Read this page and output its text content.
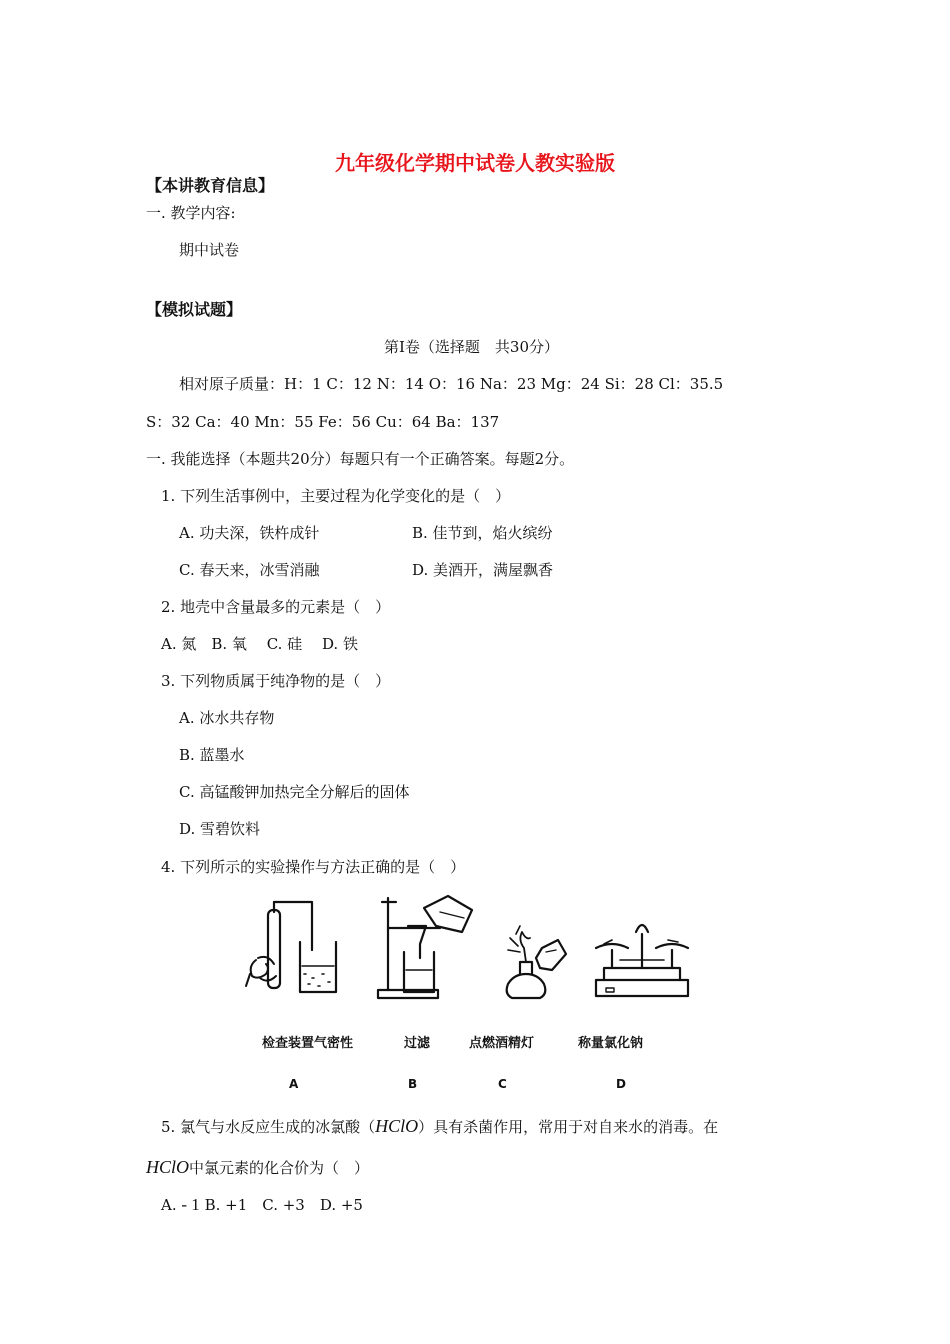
九年级化学期中试卷人教实验版
【本讲教育信息】
一. 教学内容:
期中试卷
【模拟试题】
第Ⅰ卷（选择题　共30分）
相对原子质量：H：1 C：12 N：14 O：16 Na：23 Mg：24 Si：28 Cl：35.5
S：32 Ca：40 Mn：55 Fe：56 Cu：64 Ba：137
一. 我能选择（本题共20分）每题只有一个正确答案。每题2分。
1. 下列生活事例中，主要过程为化学变化的是（　）
A. 功夫深，铁杵成针	B. 佳节到，焰火缤纷
C. 春天来，冰雪消融	D. 美酒开，满屋飘香
2. 地壳中含量最多的元素是（　）
A. 氮　B. 氧　 C. 硅　 D. 铁
3. 下列物质属于纯净物的是（　）
A. 冰水共存物
B. 蓝墨水
C. 高锰酸钾加热完全分解后的固体
D. 雪碧饮料
4. 下列所示的实验操作与方法正确的是（　）
检查装置气密性	过滤	点燃酒精灯	称量氯化钠
A	B	C	D
5. 氯气与水反应生成的冰氯酸（HClO）具有杀菌作用，常用于对自来水的消毒。在
HClO中氯元素的化合价为（　）
A. - 1 B. +1　C. +3　D. +5
